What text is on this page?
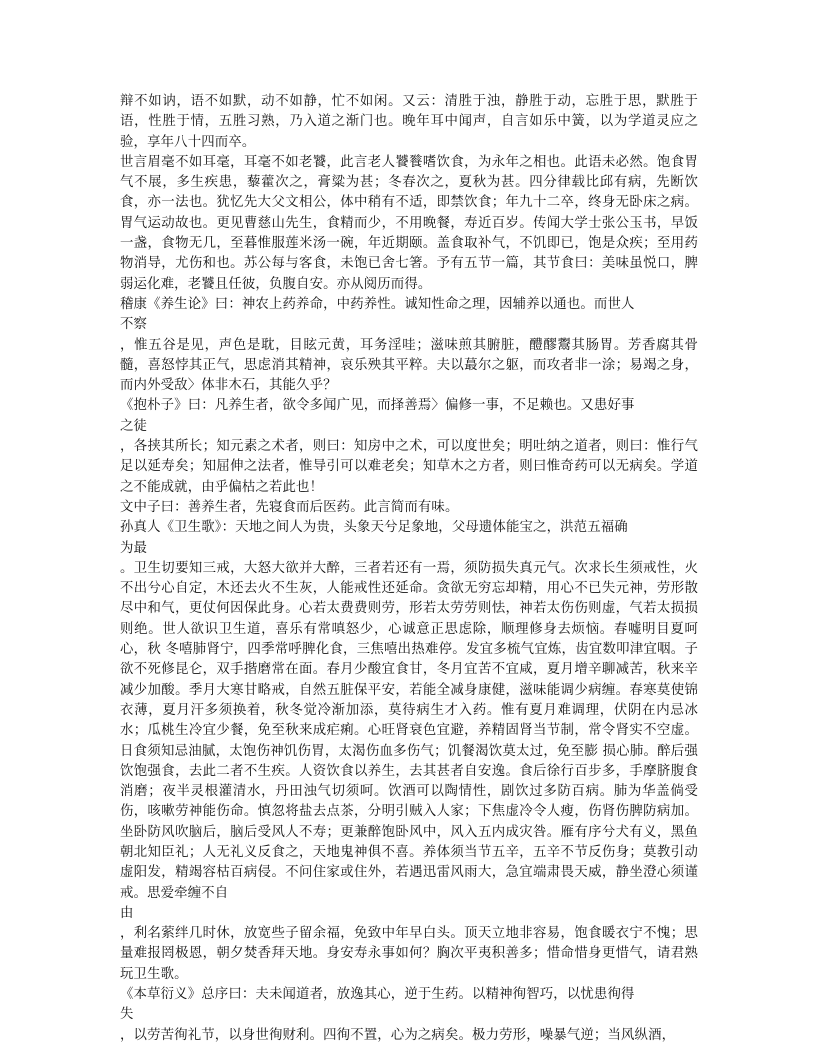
辩不如讷，语不如默，动不如静，忙不如闲。又云：清胜于浊，静胜于动，忘胜于思，默胜于语，性胜于情，五胜习熟，乃入道之渐门也。晚年耳中闻声，自言如乐中簧，以为学道灵应之验，享年八十四而卒。

世言眉毫不如耳毫，耳毫不如老饕，此言老人饕餮嗜饮食，为永年之相也。此语未必然。饱食胃气不展，多生疾患，藜藿次之，膏粱为甚；冬春次之，夏秋为甚。四分律载比邱有病，先断饮食，亦一法也。犹忆先大父文相公，体中稍有不适，即禁饮食；年九十二卒，终身无卧床之病。胃气运动故也。更见曹慈山先生，食精而少，不用晚餐，寿近百岁。传闻大学士张公玉书，早饭一盏，食物无几，至暮惟服莲米汤一碗，年近期颐。盖食取补气，不饥即已，饱是众疾；至用药物消导，尤伤和也。苏公每与客食，未饱已舍七箸。予有五节一篇，其节食曰：美味虽悦口，脾弱运化难，老饕且任彼，负腹自安。亦从阅历而得。

稽康《养生论》曰：神农上药养命，中药养性。诚知性命之理，因辅养以通也。而世人

不察

，惟五谷是见，声色是耽，目眩元黄，耳务淫哇；滋味煎其腑脏，醴醪鬻其肠胃。芳香腐其骨髓，喜怒悖其正气，思虑消其精神，哀乐殃其平粹。夫以蕞尔之躯，而攻者非一涂；易竭之身，而内外受敌〉体非木石，其能久乎？

《抱朴子》曰：凡养生者，欲令多闻广见，而择善焉〉偏修一事，不足赖也。又患好事

之徒

，各挟其所长；知元素之术者，则曰：知房中之术，可以度世矣；明吐纳之道者，则曰：惟行气足以延寿矣；知屈伸之法者，惟导引可以难老矣；知草木之方者，则曰惟奇药可以无病矣。学道之不能成就，由乎偏枯之若此也！

文中子曰：善养生者，先寝食而后医药。此言简而有味。

孙真人《卫生歌》：天地之间人为贵，头象天兮足象地，父母遗体能宝之，洪范五福确

为最

。卫生切要知三戒，大怒大欲并大醉，三者若还有一焉，须防损失真元气。次求长生须戒性，火不出兮心自定，木还去火不生灰，人能戒性还延命。贪欲无穷忘却精，用心不已失元神，劳形散尽中和气，更仗何因保此身。心若太费费则劳，形若太劳劳则怯，神若太伤伤则虚，气若太损损则绝。世人欲识卫生道，喜乐有常嗔怒少，心诚意正思虑除，顺理修身去烦恼。春嘘明目夏呵心，秋 冬嘻肺肾宁，四季常呼脾化食，三焦嘻出热难停。发宜多梳气宜炼，齿宜数叩津宜咽。子欲不死修昆仑，双手揩磨常在面。春月少酸宜食甘，冬月宜苦不宜咸，夏月增辛聊减苦，秋来辛减少加酸。季月大寒甘略戒，自然五脏保平安，若能全减身康健，滋味能调少病缠。春寒莫使锦衣薄，夏月汗多须换着，秋冬觉冷渐加添，莫待病生才入药。惟有夏月难调理，伏阴在内忌冰水；瓜桃生冷宜少餐，免至秋来成疟痢。心旺肾衰色宜避，养精固肾当节制，常令肾实不空虚。日食须知忌油腻，太饱伤神饥伤胃，太渴伤血多伤气；饥餐渴饮莫太过，免至膨 损心肺。醉后强饮饱强食，去此二者不生疾。人资饮食以养生，去其甚者自安逸。食后徐行百步多，手摩脐腹食消磨；夜半灵根灌清水，丹田浊气切须呵。饮酒可以陶情性，剧饮过多防百病。肺为华盖倘受伤，咳嗽劳神能伤命。慎忽将盐去点茶，分明引贼入人家；下焦虚冷令人瘦，伤肾伤脾防病加。坐卧防风吹脑后，脑后受风人不寿；更兼醉饱卧风中，风入五内成灾咎。雁有序兮犬有义，黑鱼朝北知臣礼；人无礼义反食之，天地鬼神俱不喜。养体须当节五辛，五辛不节反伤身；莫教引动虚阳发，精竭容枯百病侵。不问住家或住外，若遇迅雷风雨大，急宜端肃畏天威，静坐澄心须谨戒。思爱牵缠不自

由

，利名萦绊几时休，放宽些子留余福，免致中年早白头。顶天立地非容易，饱食暖衣宁不愧；思量难报罔极恩，朝夕焚香拜天地。身安寿永事如何？胸次平夷积善多；惜命惜身更惜气，请君熟玩卫生歌。

《本草衍义》总序曰：夫未闻道者，放逸其心，逆于生药。以精神徇智巧，以忧患徇得

失

，以劳苦徇礼节，以身世徇财利。四徇不置，心为之病矣。极力劳形，噪暴气逆；当风纵酒，
